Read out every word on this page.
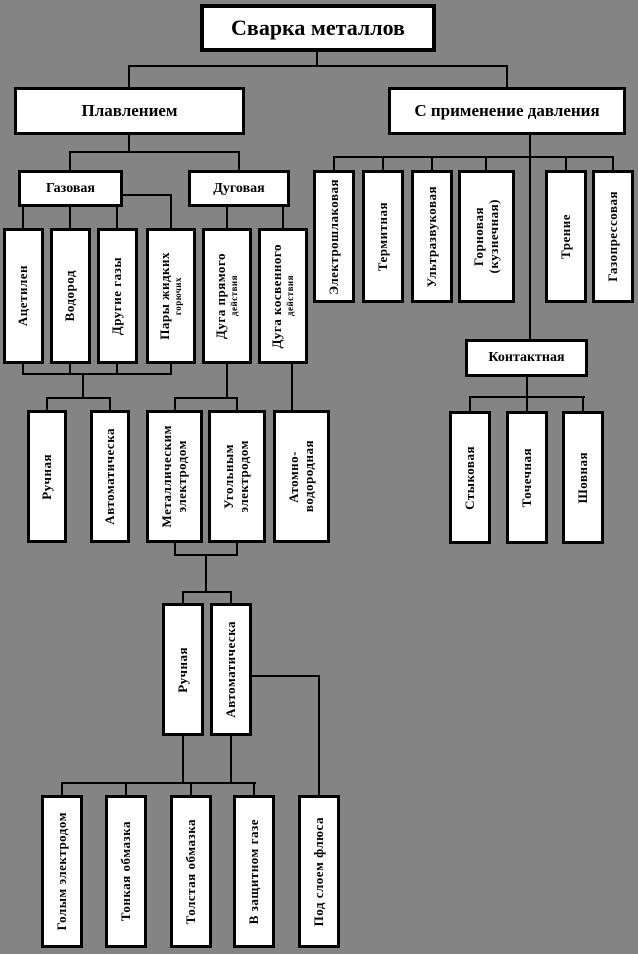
Сварка металлов
Плавлением	С применение давления
Газовая	Дуговая
Ацетилен Водород Другие газы	Пары жидких горючих Дуга прямого действия Дуга косвенного действия
Электрошлаковая	Термитная	Ультразвуковая Горновая (кузнечная)	Трение Газопрессовая
Контактная
Стыковая	Точечная	Шовная
Ручная	Автоматическа	Металлическим электродом	Угольным электродом	Атомно- водородная
Ручная	Автоматическа
Голым электродом	Тонкая обмазка	Толстая обмазка	В защитном газе	Под слоем флюса
